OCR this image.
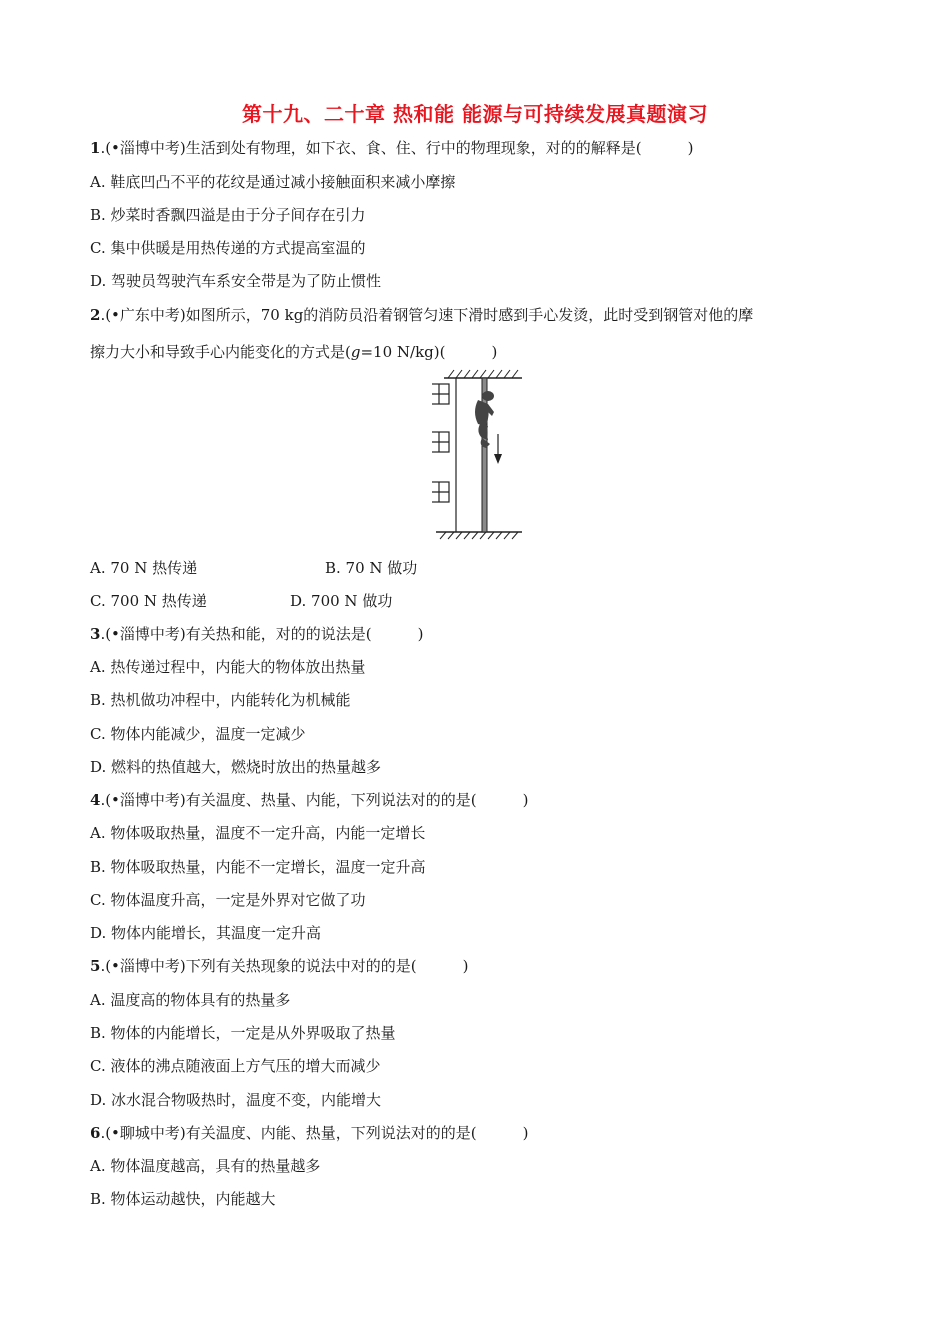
第十九、二十章 热和能 能源与可持续发展真题演习
1.(•淄博中考)生活到处有物理，如下衣、食、住、行中的物理现象，对的的解释是(	)
A. 鞋底凹凸不平的花纹是通过减小接触面积来减小摩擦
B. 炒菜时香飘四溢是由于分子间存在引力
C. 集中供暖是用热传递的方式提高室温的
D. 驾驶员驾驶汽车系安全带是为了防止惯性
2.(•广东中考)如图所示，70 kg的消防员沿着钢管匀速下滑时感到手心发烫，此时受到钢管对他的摩
擦力大小和导致手心内能变化的方式是(g=10 N/kg)(	)
A. 70 N 热传递	B. 70 N 做功
C. 700 N 热传递	D. 700 N 做功
3.(•淄博中考)有关热和能，对的的说法是(	)
A. 热传递过程中，内能大的物体放出热量
B. 热机做功冲程中，内能转化为机械能
C. 物体内能减少，温度一定减少
D. 燃料的热值越大，燃烧时放出的热量越多
4.(•淄博中考)有关温度、热量、内能，下列说法对的的是(	)
A. 物体吸取热量，温度不一定升高，内能一定增长
B. 物体吸取热量，内能不一定增长，温度一定升高
C. 物体温度升高，一定是外界对它做了功
D. 物体内能增长，其温度一定升高
5.(•淄博中考)下列有关热现象的说法中对的的是(	)
A. 温度高的物体具有的热量多
B. 物体的内能增长，一定是从外界吸取了热量
C. 液体的沸点随液面上方气压的增大而减少
D. 冰水混合物吸热时，温度不变，内能增大
6.(•聊城中考)有关温度、内能、热量，下列说法对的的是(	)
A. 物体温度越高，具有的热量越多
B. 物体运动越快，内能越大
